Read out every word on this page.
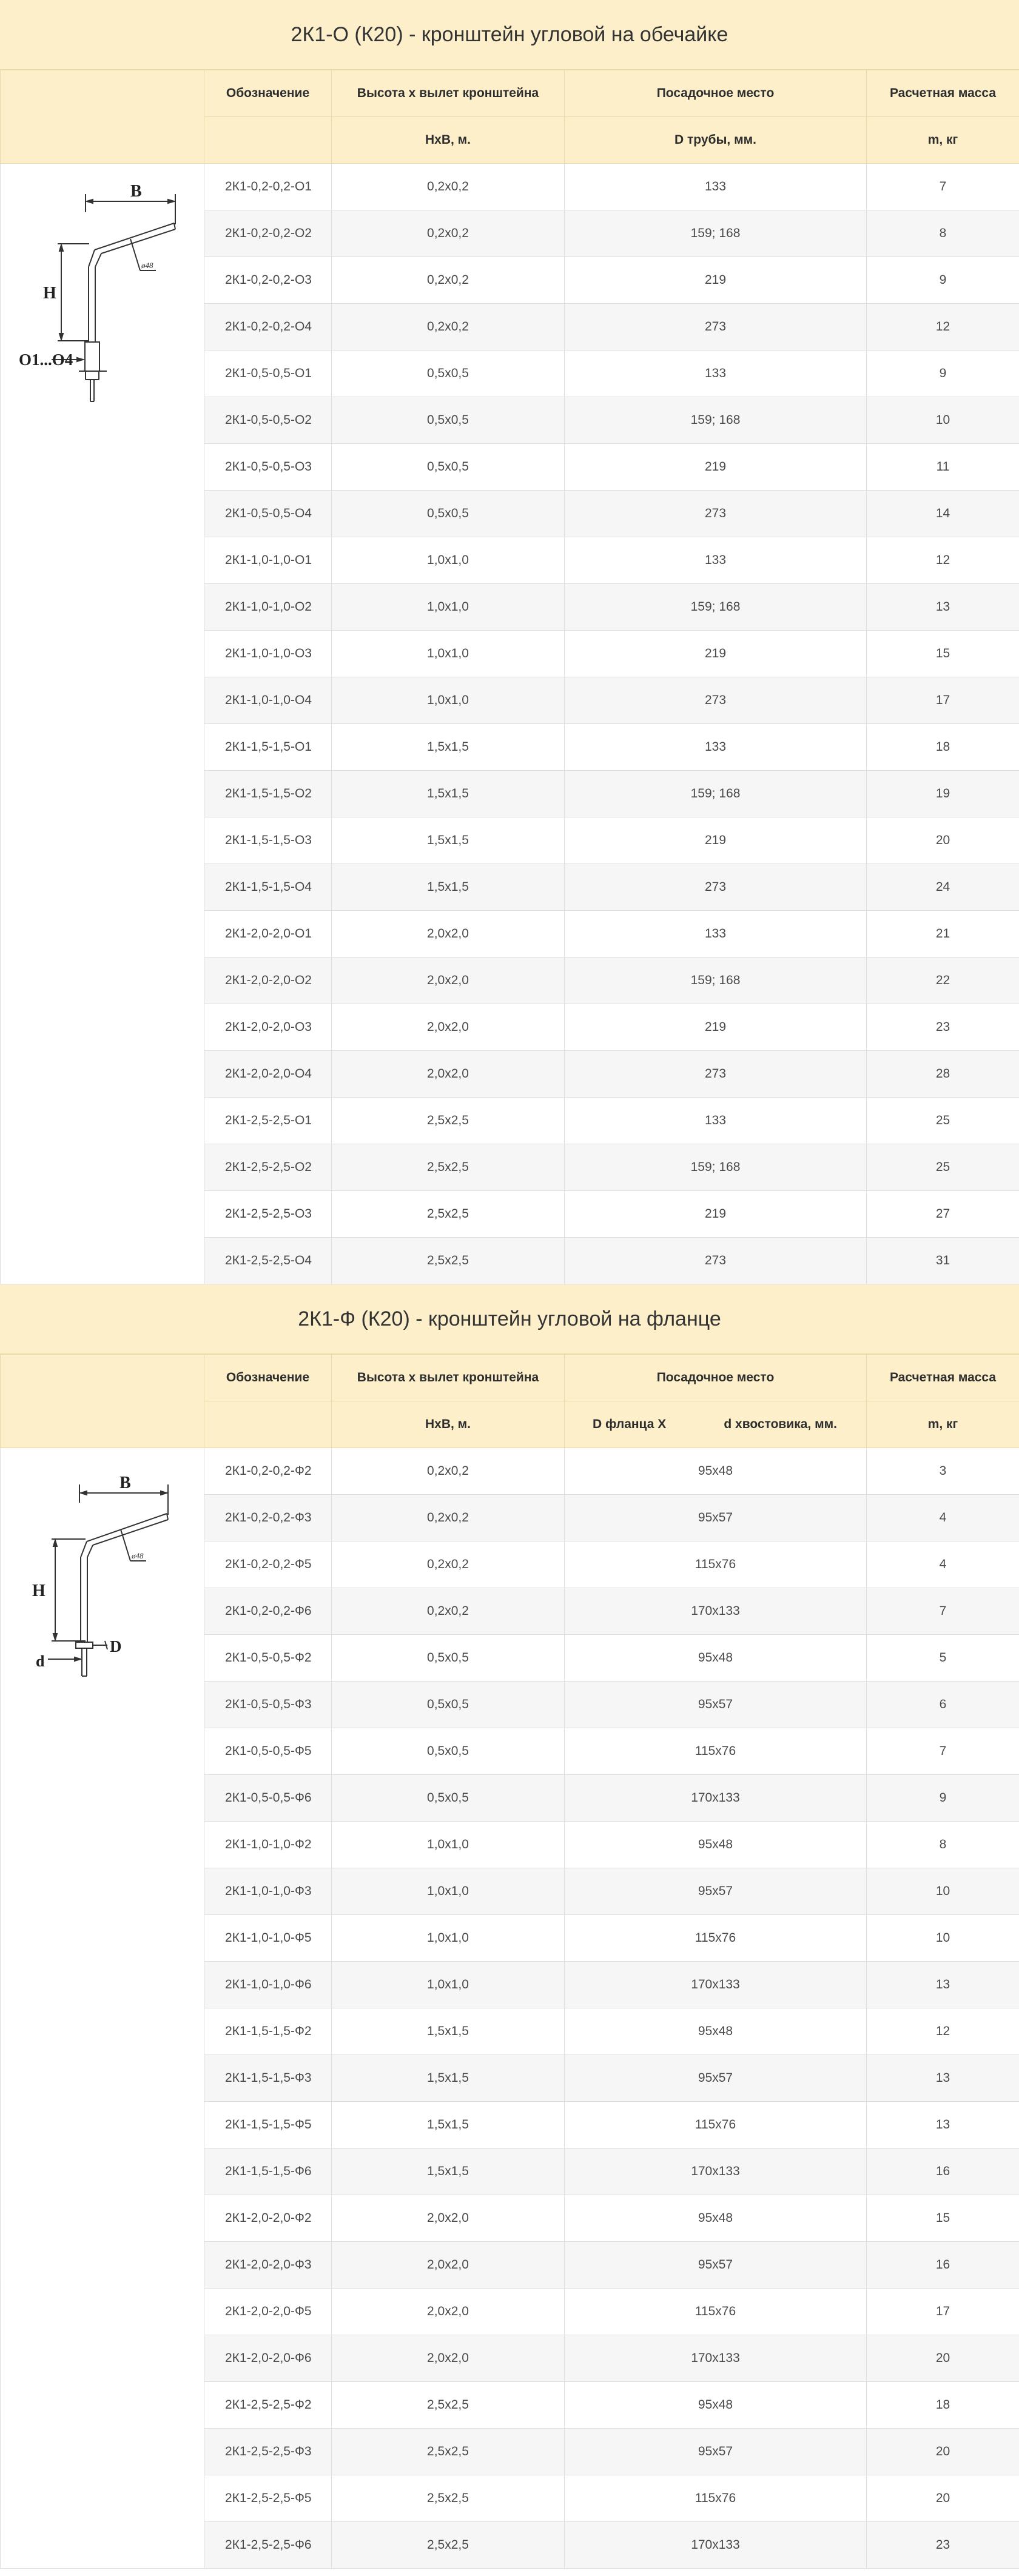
2К1-О (К20) - кронштейн угловой на обечайке
	Обозначение	Высота х вылет кронштейна	Посадочное место	Расчетная масса
		HхB, м.	D трубы, мм.	m, кг

B
H
O1...O4
ø48	2К1-0,2-0,2-О1	0,2х0,2	133	7
	2К1-0,2-0,2-О2	0,2х0,2	159; 168	8
	2К1-0,2-0,2-О3	0,2х0,2	219	9
	2К1-0,2-0,2-О4	0,2х0,2	273	12
	2К1-0,5-0,5-О1	0,5х0,5	133	9
	2К1-0,5-0,5-О2	0,5х0,5	159; 168	10
	2К1-0,5-0,5-О3	0,5х0,5	219	11
	2К1-0,5-0,5-О4	0,5х0,5	273	14
	2К1-1,0-1,0-О1	1,0х1,0	133	12
	2К1-1,0-1,0-О2	1,0х1,0	159; 168	13
	2К1-1,0-1,0-О3	1,0х1,0	219	15
	2К1-1,0-1,0-О4	1,0х1,0	273	17
	2К1-1,5-1,5-О1	1,5х1,5	133	18
	2К1-1,5-1,5-О2	1,5х1,5	159; 168	19
	2К1-1,5-1,5-О3	1,5х1,5	219	20
	2К1-1,5-1,5-О4	1,5х1,5	273	24
	2К1-2,0-2,0-О1	2,0х2,0	133	21
	2К1-2,0-2,0-О2	2,0х2,0	159; 168	22
	2К1-2,0-2,0-О3	2,0х2,0	219	23
	2К1-2,0-2,0-О4	2,0х2,0	273	28
	2К1-2,5-2,5-О1	2,5х2,5	133	25
	2К1-2,5-2,5-О2	2,5х2,5	159; 168	25
	2К1-2,5-2,5-О3	2,5х2,5	219	27
	2К1-2,5-2,5-О4	2,5х2,5	273	31
2К1-Ф (К20) - кронштейн угловой на фланце
	Обозначение	Высота х вылет кронштейна	Посадочное место	Расчетная масса
		HхB, м.	D фланца X d хвостовика, мм.	m, кг

B
H
D
d
ø48	2К1-0,2-0,2-Ф2	0,2х0,2	95х48	3
	2К1-0,2-0,2-Ф3	0,2х0,2	95х57	4
	2К1-0,2-0,2-Ф5	0,2х0,2	115х76	4
	2К1-0,2-0,2-Ф6	0,2х0,2	170х133	7
	2К1-0,5-0,5-Ф2	0,5х0,5	95х48	5
	2К1-0,5-0,5-Ф3	0,5х0,5	95х57	6
	2К1-0,5-0,5-Ф5	0,5х0,5	115х76	7
	2К1-0,5-0,5-Ф6	0,5х0,5	170х133	9
	2К1-1,0-1,0-Ф2	1,0х1,0	95х48	8
	2К1-1,0-1,0-Ф3	1,0х1,0	95х57	10
	2К1-1,0-1,0-Ф5	1,0х1,0	115х76	10
	2К1-1,0-1,0-Ф6	1,0х1,0	170х133	13
	2К1-1,5-1,5-Ф2	1,5х1,5	95х48	12
	2К1-1,5-1,5-Ф3	1,5х1,5	95х57	13
	2К1-1,5-1,5-Ф5	1,5х1,5	115х76	13
	2К1-1,5-1,5-Ф6	1,5х1,5	170х133	16
	2К1-2,0-2,0-Ф2	2,0х2,0	95х48	15
	2К1-2,0-2,0-Ф3	2,0х2,0	95х57	16
	2К1-2,0-2,0-Ф5	2,0х2,0	115х76	17
	2К1-2,0-2,0-Ф6	2,0х2,0	170х133	20
	2К1-2,5-2,5-Ф2	2,5х2,5	95х48	18
	2К1-2,5-2,5-Ф3	2,5х2,5	95х57	20
	2К1-2,5-2,5-Ф5	2,5х2,5	115х76	20
	2К1-2,5-2,5-Ф6	2,5х2,5	170х133	23
